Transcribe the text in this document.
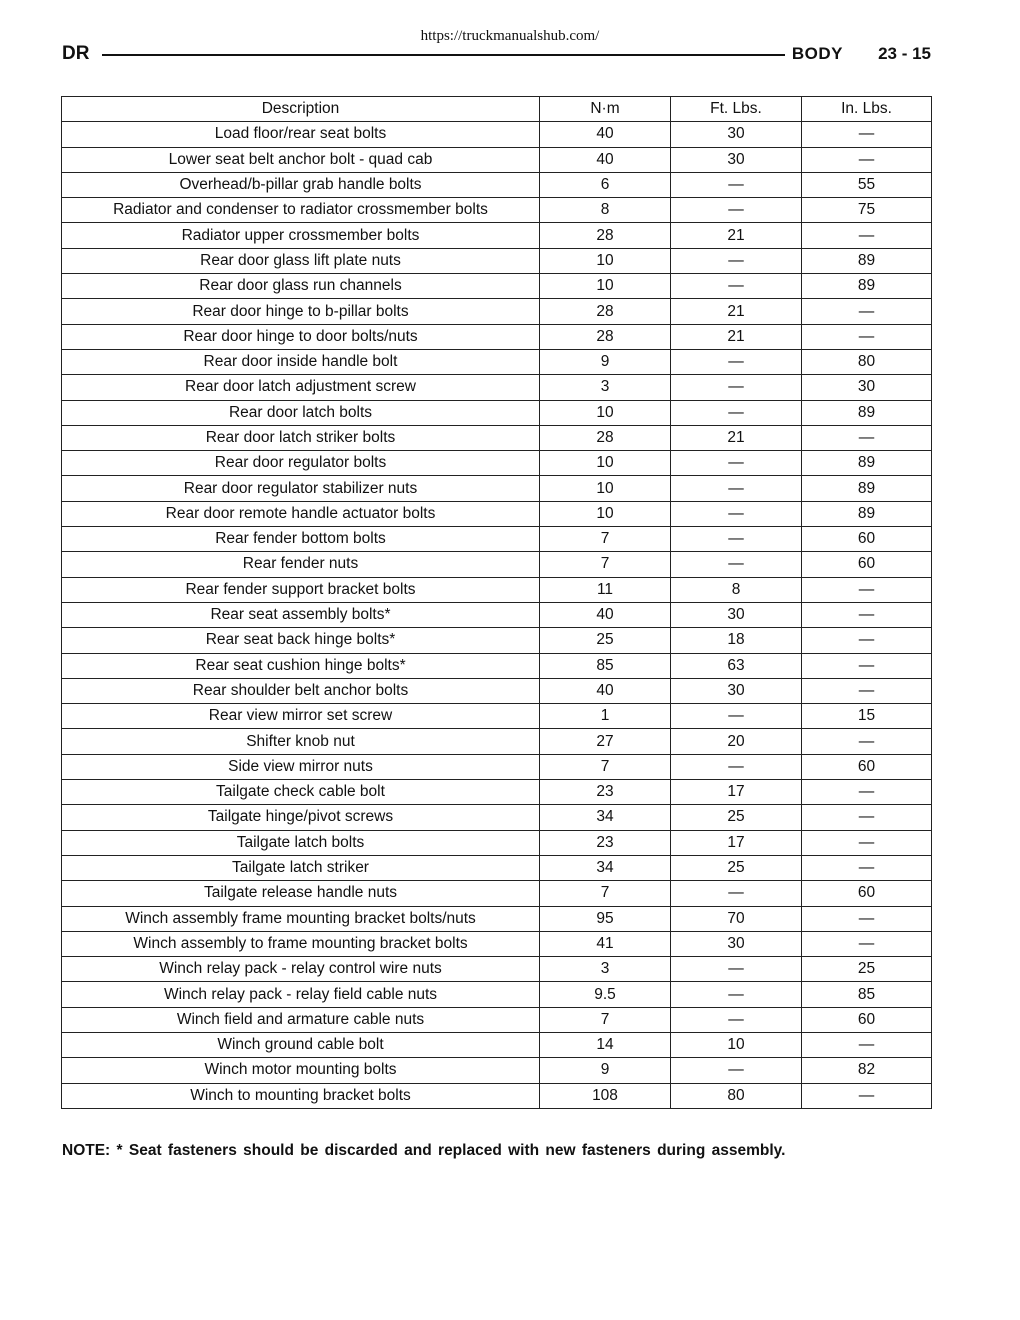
https://truckmanualshub.com/
DR	BODY 23 - 15
Description	N·m	Ft. Lbs.	In. Lbs.
Load floor/rear seat bolts	40	30	—
Lower seat belt anchor bolt - quad cab	40	30	—
Overhead/b-pillar grab handle bolts	6	—	55
Radiator and condenser to radiator crossmember bolts	8	—	75
Radiator upper crossmember bolts	28	21	—
Rear door glass lift plate nuts	10	—	89
Rear door glass run channels	10	—	89
Rear door hinge to b-pillar bolts	28	21	—
Rear door hinge to door bolts/nuts	28	21	—
Rear door inside handle bolt	9	—	80
Rear door latch adjustment screw	3	—	30
Rear door latch bolts	10	—	89
Rear door latch striker bolts	28	21	—
Rear door regulator bolts	10	—	89
Rear door regulator stabilizer nuts	10	—	89
Rear door remote handle actuator bolts	10	—	89
Rear fender bottom bolts	7	—	60
Rear fender nuts	7	—	60
Rear fender support bracket bolts	11	8	—
Rear seat assembly bolts*	40	30	—
Rear seat back hinge bolts*	25	18	—
Rear seat cushion hinge bolts*	85	63	—
Rear shoulder belt anchor bolts	40	30	—
Rear view mirror set screw	1	—	15
Shifter knob nut	27	20	—
Side view mirror nuts	7	—	60
Tailgate check cable bolt	23	17	—
Tailgate hinge/pivot screws	34	25	—
Tailgate latch bolts	23	17	—
Tailgate latch striker	34	25	—
Tailgate release handle nuts	7	—	60
Winch assembly frame mounting bracket bolts/nuts	95	70	—
Winch assembly to frame mounting bracket bolts	41	30	—
Winch relay pack - relay control wire nuts	3	—	25
Winch relay pack - relay field cable nuts	9.5	—	85
Winch field and armature cable nuts	7	—	60
Winch ground cable bolt	14	10	—
Winch motor mounting bolts	9	—	82
Winch to mounting bracket bolts	108	80	—
NOTE: * Seat fasteners should be discarded and replaced with new fasteners during assembly.
